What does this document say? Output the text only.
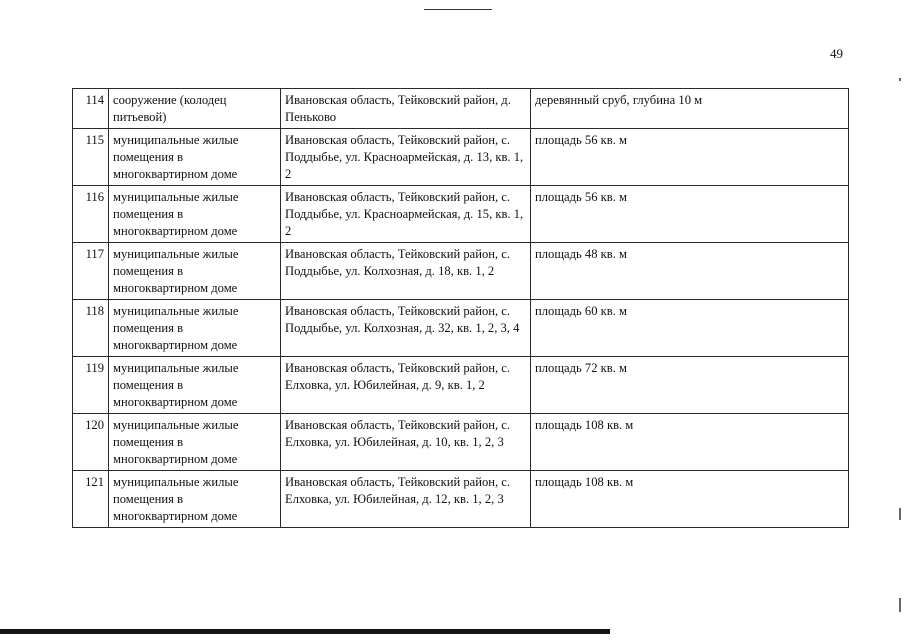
49
114	сооружение (колодец питьевой)	Ивановская область, Тейковский район, д. Пеньково	деревянный сруб, глубина 10 м
115	муниципальные жилые помещения в многоквартирном доме	Ивановская область, Тейковский район, с. Поддыбье, ул. Красноармейская, д. 13, кв. 1, 2	площадь 56 кв. м
116	муниципальные жилые помещения в многоквартирном доме	Ивановская область, Тейковский район, с. Поддыбье, ул. Красноармейская, д. 15, кв. 1, 2	площадь 56 кв. м
117	муниципальные жилые помещения в многоквартирном доме	Ивановская область, Тейковский район, с. Поддыбье, ул. Колхозная, д. 18, кв. 1, 2	площадь 48 кв. м
118	муниципальные жилые помещения в многоквартирном доме	Ивановская область, Тейковский район, с. Поддыбье, ул. Колхозная, д. 32, кв. 1, 2, 3, 4	площадь 60 кв. м
119	муниципальные жилые помещения в многоквартирном доме	Ивановская область, Тейковский район, с. Елховка, ул. Юбилейная, д. 9, кв. 1, 2	площадь 72 кв. м
120	муниципальные жилые помещения в многоквартирном доме	Ивановская область, Тейковский район, с. Елховка, ул. Юбилейная, д. 10, кв. 1, 2, 3	площадь 108 кв. м
121	муниципальные жилые помещения в многоквартирном доме	Ивановская область, Тейковский район, с. Елховка, ул. Юбилейная, д. 12, кв. 1, 2, 3	площадь 108 кв. м
